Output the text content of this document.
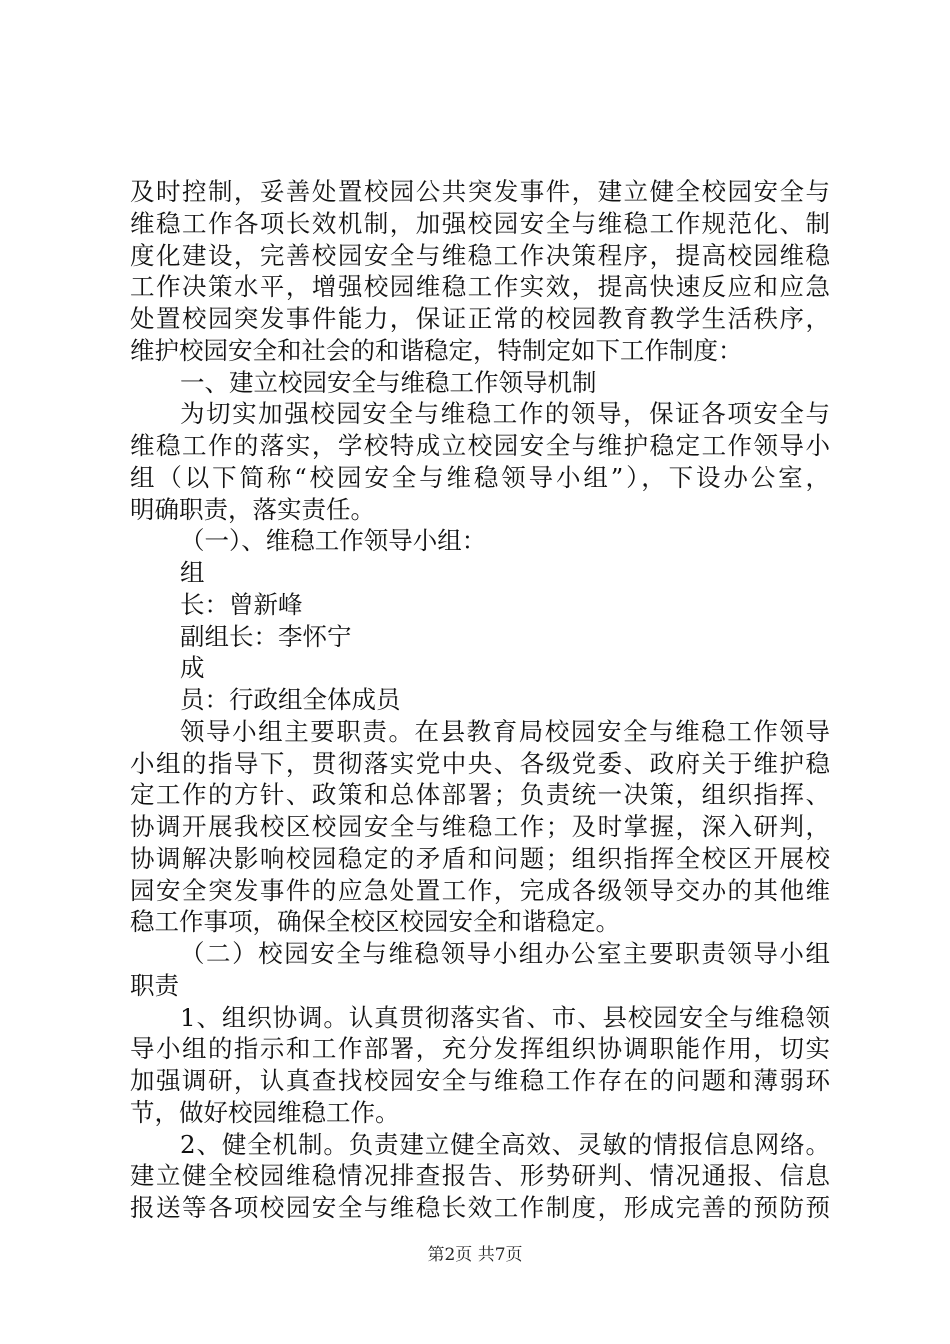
及时控制，妥善处置校园公共突发事件，建立健全校园安全与
维稳工作各项长效机制，加强校园安全与维稳工作规范化、制
度化建设，完善校园安全与维稳工作决策程序，提高校园维稳
工作决策水平，增强校园维稳工作实效，提高快速反应和应急
处置校园突发事件能力，保证正常的校园教育教学生活秩序，
维护校园安全和社会的和谐稳定，特制定如下工作制度：
一、建立校园安全与维稳工作领导机制
为切实加强校园安全与维稳工作的领导，保证各项安全与
维稳工作的落实，学校特成立校园安全与维护稳定工作领导小
组（以下简称“校园安全与维稳领导小组”），下设办公室，
明确职责，落实责任。
（一）、维稳工作领导小组：
组
长：曾新峰
副组长：李怀宁
成
员：行政组全体成员
领导小组主要职责。在县教育局校园安全与维稳工作领导
小组的指导下，贯彻落实党中央、各级党委、政府关于维护稳
定工作的方针、政策和总体部署；负责统一决策，组织指挥、
协调开展我校区校园安全与维稳工作；及时掌握，深入研判，
协调解决影响校园稳定的矛盾和问题；组织指挥全校区开展校
园安全突发事件的应急处置工作，完成各级领导交办的其他维
稳工作事项，确保全校区校园安全和谐稳定。
（二）校园安全与维稳领导小组办公室主要职责领导小组
职责
1、组织协调。认真贯彻落实省、市、县校园安全与维稳领
导小组的指示和工作部署，充分发挥组织协调职能作用，切实
加强调研，认真查找校园安全与维稳工作存在的问题和薄弱环
节，做好校园维稳工作。
2、健全机制。负责建立健全高效、灵敏的情报信息网络。
建立健全校园维稳情况排查报告、形势研判、情况通报、信息
报送等各项校园安全与维稳长效工作制度，形成完善的预防预
第2页 共7页
